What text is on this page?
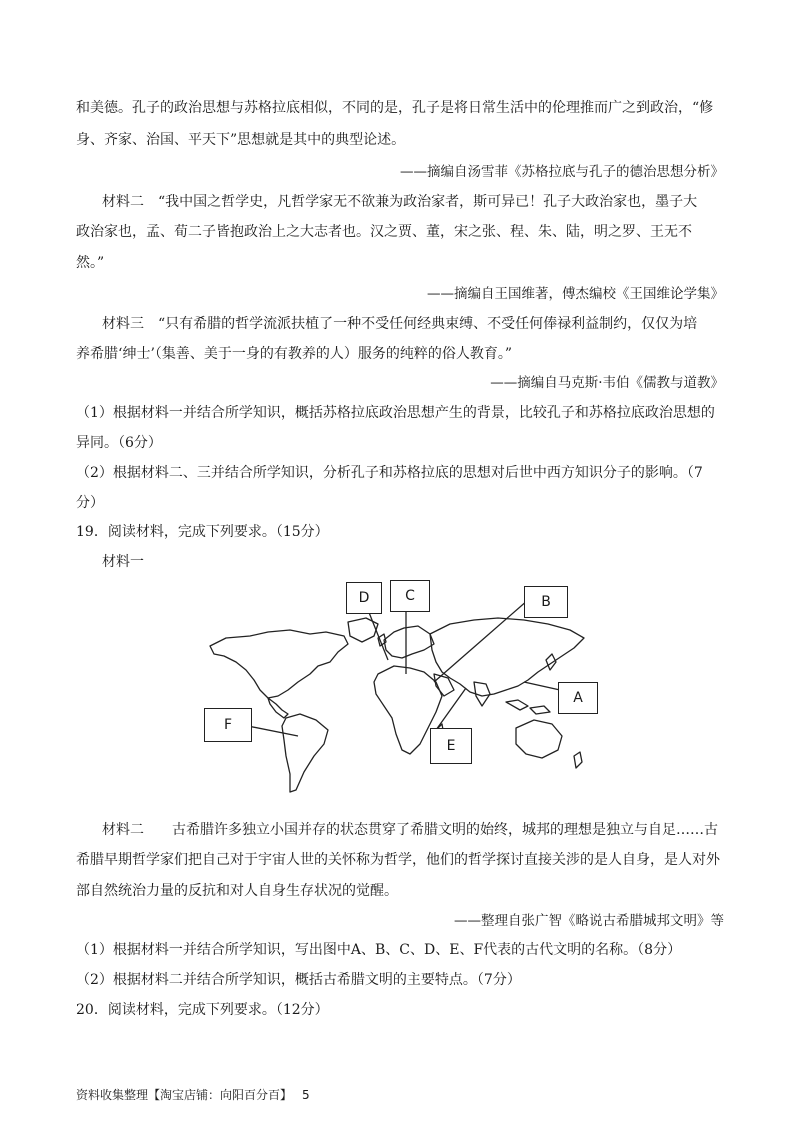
和美德。孔子的政治思想与苏格拉底相似，不同的是，孔子是将日常生活中的伦理推而广之到政治，“修
身、齐家、治国、平天下”思想就是其中的典型论述。
——摘编自汤雪菲《苏格拉底与孔子的德治思想分析》
材料二　“我中国之哲学史，凡哲学家无不欲兼为政治家者，斯可异已！孔子大政治家也，墨子大
政治家也，孟、荀二子皆抱政治上之大志者也。汉之贾、董，宋之张、程、朱、陆，明之罗、王无不
然。”
——摘编自王国维著，傅杰编校《王国维论学集》
材料三　“只有希腊的哲学流派扶植了一种不受任何经典束缚、不受任何俸禄利益制约，仅仅为培
养希腊‘绅士’（集善、美于一身的有教养的人）服务的纯粹的俗人教育。”
——摘编自马克斯·韦伯《儒教与道教》
（1）根据材料一并结合所学知识，概括苏格拉底政治思想产生的背景，比较孔子和苏格拉底政治思想的
异同。（6分）
（2）根据材料二、三并结合所学知识，分析孔子和苏格拉底的思想对后世中西方知识分子的影响。（7
分）
19．阅读材料，完成下列要求。（15分）
材料一
D	C	B
A
F
E
材料二　　古希腊许多独立小国并存的状态贯穿了希腊文明的始终，城邦的理想是独立与自足……古
希腊早期哲学家们把自己对于宇宙人世的关怀称为哲学，他们的哲学探讨直接关涉的是人自身，是人对外
部自然统治力量的反抗和对人自身生存状况的觉醒。
——整理自张广智《略说古希腊城邦文明》等
（1）根据材料一并结合所学知识，写出图中A、B、C、D、E、F代表的古代文明的名称。（8分）
（2）根据材料二并结合所学知识，概括古希腊文明的主要特点。（7分）
20．阅读材料，完成下列要求。（12分）
资料收集整理【淘宝店铺：向阳百分百】 5
